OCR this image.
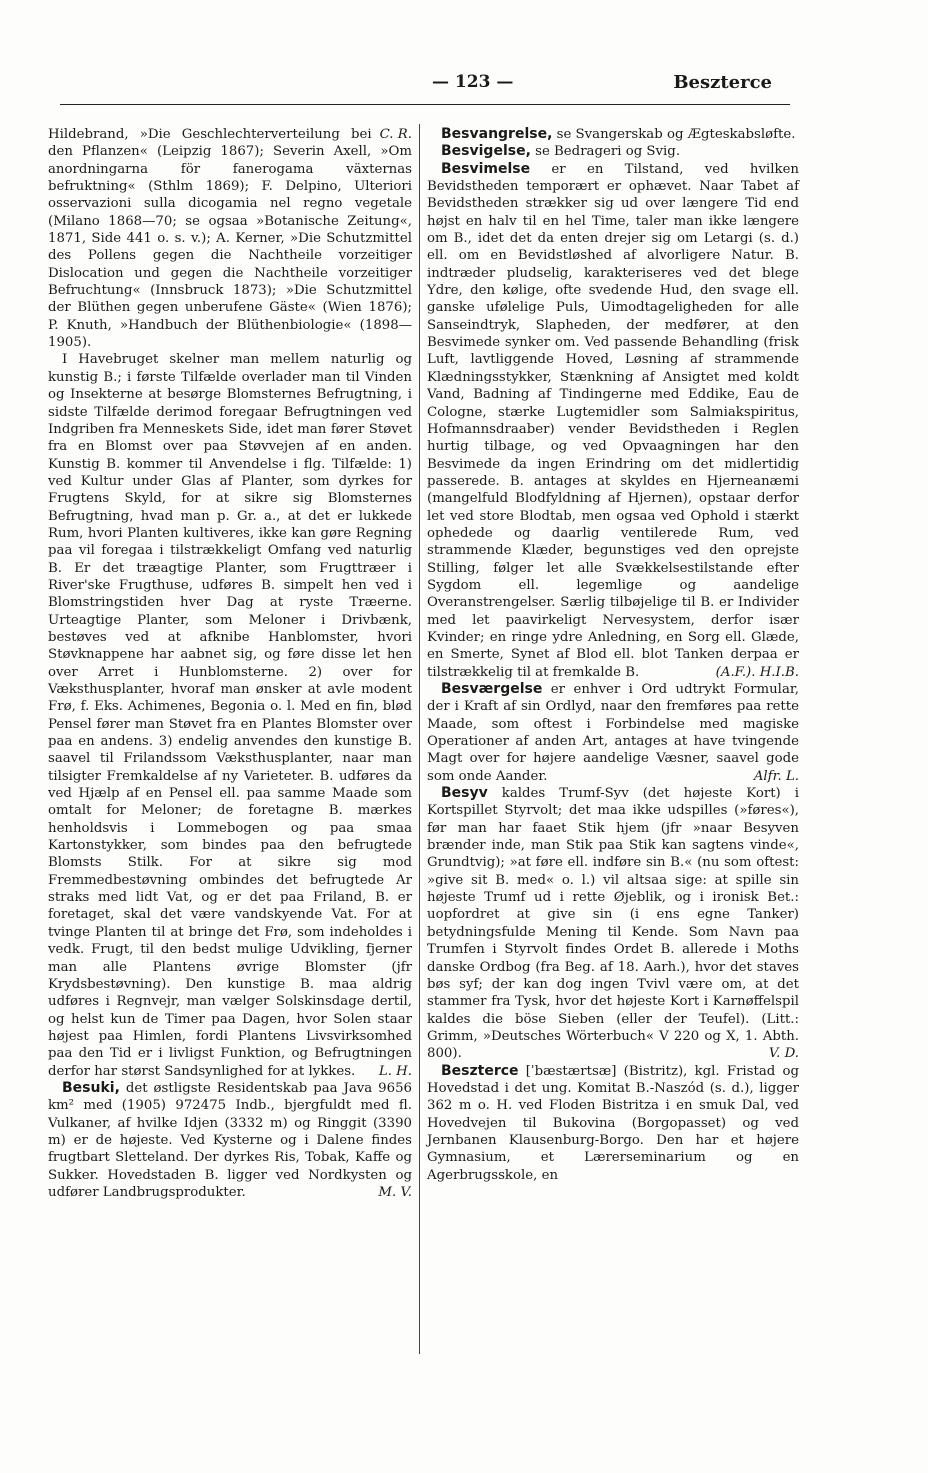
— 123 —	Beszterce

C. R.
Hildebrand, »Die Geschlechterverteilung bei den Pflanzen« (Leipzig 1867); Severin Axell, »Om anordningarna för fanerogama växternas befruktning« (Sthlm 1869); F. Delpino, Ulteriori osservazioni sulla dicogamia nel regno vegetale (Milano 1868—70; se ogsaa »Botanische Zeitung«, 1871, Side 441 o. s. v.); A. Kerner, »Die Schutzmittel des Pollens gegen die Nachtheile vorzeitiger Dislocation und gegen die Nachtheile vorzeitiger Befruchtung« (Innsbruck 1873); »Die Schutzmittel der Blüthen gegen unberufene Gäste« (Wien 1876); P. Knuth, »Handbuch der Blüthenbiologie« (1898—1905).

I Havebruget skelner man mellem naturlig og kunstig B.; i første Tilfælde overlader man til Vinden og Insekterne at besørge Blomsternes Befrugtning, i sidste Tilfælde derimod foregaar Befrugtningen ved Indgriben fra Menneskets Side, idet man fører Støvet fra en Blomst over paa Støvvejen af en anden. Kunstig B. kommer til Anvendelse i flg. Tilfælde: 1) ved Kultur under Glas af Planter, som dyrkes for Frugtens Skyld, for at sikre sig Blomsternes Befrugtning, hvad man p. Gr. a., at det er lukkede Rum, hvori Planten kultiveres, ikke kan gøre Regning paa vil foregaa i tilstrækkeligt Omfang ved naturlig B. Er det træagtige Planter, som Frugttræer i River'ske Frugthuse, udføres B. simpelt hen ved i Blomstringstiden hver Dag at ryste Træerne. Urteagtige Planter, som Meloner i Drivbænk, bestøves ved at afknibe Hanblomster, hvori Støvknappene har aabnet sig, og føre disse let hen over Arret i Hunblomsterne. 2) over for Væksthusplanter, hvoraf man ønsker at avle modent Frø, f. Eks. Achimenes, Begonia o. l. Med en fin, blød Pensel fører man Støvet fra en Plantes Blomster over paa en andens. 3) endelig anvendes den kunstige B. saavel til Frilandssom Væksthusplanter, naar man tilsigter Fremkaldelse af ny Varieteter. B. udføres da ved Hjælp af en Pensel ell. paa samme Maade som omtalt for Meloner; de foretagne B. mærkes henholdsvis i Lommebogen og paa smaa Kartonstykker, som bindes paa den befrugtede Blomsts Stilk. For at sikre sig mod Fremmedbestøvning ombindes det befrugtede Ar straks med lidt Vat, og er det paa Friland, B. er foretaget, skal det være vandskyende Vat. For at tvinge Planten til at bringe det Frø, som indeholdes i vedk. Frugt, til den bedst mulige Udvikling, fjerner man alle Plantens øvrige Blomster (jfr Krydsbestøvning). Den kunstige B. maa aldrig udføres i Regnvejr, man vælger Solskinsdage dertil, og helst kun de Timer paa Dagen, hvor Solen staar højest paa Himlen, fordi Plantens Livsvirksomhed paa den Tid er i livligst Funktion, og Befrugtningen derfor har størst Sandsynlighed for at lykkes.	L. H.

Besuki, det østligste Residentskab paa Java 9656 km² med (1905) 972475 Indb., bjergfuldt med fl. Vulkaner, af hvilke Idjen (3332 m) og Ringgit (3390 m) er de højeste. Ved Kysterne og i Dalene findes frugtbart Sletteland. Der dyrkes Ris, Tobak, Kaffe og Sukker. Hovedstaden B. ligger ved Nordkysten og udfører Landbrugsprodukter.	M. V.

Besvangrelse, se Svangerskab og Ægteskabsløfte.

Besvigelse, se Bedrageri og Svig.

Besvimelse er en Tilstand, ved hvilken Bevidstheden temporært er ophævet. Naar Tabet af Bevidstheden strækker sig ud over længere Tid end højst en halv til en hel Time, taler man ikke længere om B., idet det da enten drejer sig om Letargi (s. d.) ell. om en Bevidstløshed af alvorligere Natur. B. indtræder pludselig, karakteriseres ved det blege Ydre, den kølige, ofte svedende Hud, den svage ell. ganske ufølelige Puls, Uimodtageligheden for alle Sanseindtryk, Slapheden, der medfører, at den Besvimede synker om. Ved passende Behandling (frisk Luft, lavtliggende Hoved, Løsning af strammende Klædningsstykker, Stænkning af Ansigtet med koldt Vand, Badning af Tindingerne med Eddike, Eau de Cologne, stærke Lugtemidler som Salmiakspiritus, Hofmannsdraaber) vender Bevidstheden i Reglen hurtig tilbage, og ved Opvaagningen har den Besvimede da ingen Erindring om det midlertidig passerede. B. antages at skyldes en Hjerneanæmi (mangelfuld Blodfyldning af Hjernen), opstaar derfor let ved store Blodtab, men ogsaa ved Ophold i stærkt ophedede og daarlig ventilerede Rum, ved strammende Klæder, begunstiges ved den oprejste Stilling, følger let alle Svækkelsestilstande efter Sygdom ell. legemlige og aandelige Overanstrengelser. Særlig tilbøjelige til B. er Individer med let paavirkeligt Nervesystem, derfor især Kvinder; en ringe ydre Anledning, en Sorg ell. Glæde, en Smerte, Synet af Blod ell. blot Tanken derpaa er tilstrækkelig til at fremkalde B.	(A.F.). H.I.B.

Besværgelse er enhver i Ord udtrykt Formular, der i Kraft af sin Ordlyd, naar den fremføres paa rette Maade, som oftest i Forbindelse med magiske Operationer af anden Art, antages at have tvingende Magt over for højere aandelige Væsner, saavel gode som onde Aander.	Alfr. L.

Besyv kaldes Trumf-Syv (det højeste Kort) i Kortspillet Styrvolt; det maa ikke udspilles (»føres«), før man har faaet Stik hjem (jfr »naar Besyven brænder inde, man Stik paa Stik kan sagtens vinde«, Grundtvig); »at føre ell. indføre sin B.« (nu som oftest: »give sit B. med« o. l.) vil altsaa sige: at spille sin højeste Trumf ud i rette Øjeblik, og i ironisk Bet.: uopfordret at give sin (i ens egne Tanker) betydningsfulde Mening til Kende. Som Navn paa Trumfen i Styrvolt findes Ordet B. allerede i Moths danske Ordbog (fra Beg. af 18. Aarh.), hvor det staves bøs syf; der kan dog ingen Tvivl være om, at det stammer fra Tysk, hvor det højeste Kort i Karnøffelspil kaldes die böse Sieben (eller der Teufel). (Litt.: Grimm, »Deutsches Wörterbuch« V 220 og X, 1. Abth. 800).	V. D.

Beszterce [ˈbæstærtsæ] (Bistritz), kgl. Fristad og Hovedstad i det ung. Komitat B.-Naszód (s. d.), ligger 362 m o. H. ved Floden Bistritza i en smuk Dal, ved Hovedvejen til Bukovina (Borgopasset) og ved Jernbanen Klausenburg-Borgo. Den har et højere Gymnasium, et Lærerseminarium og en Agerbrugsskole, en
